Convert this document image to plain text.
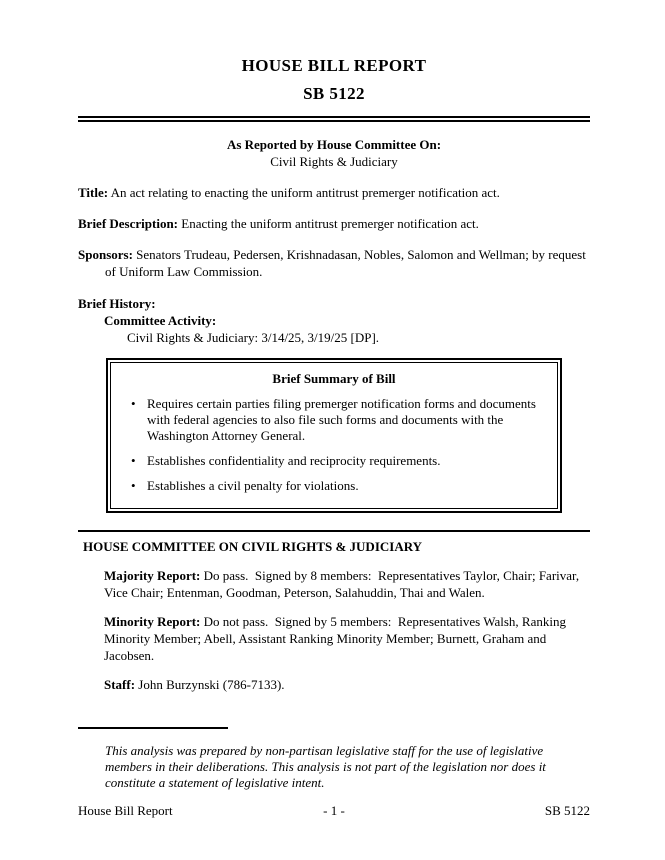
HOUSE BILL REPORT
SB 5122
As Reported by House Committee On:
Civil Rights & Judiciary

Title: An act relating to enacting the uniform antitrust premerger notification act.

Brief Description: Enacting the uniform antitrust premerger notification act.

Sponsors: Senators Trudeau, Pedersen, Krishnadasan, Nobles, Salomon and Wellman; by request of Uniform Law Commission.

Brief History:
Committee Activity:
Civil Rights & Judiciary: 3/14/25, 3/19/25 [DP].
Brief Summary of Bill
• Requires certain parties filing premerger notification forms and documents with federal agencies to also file such forms and documents with the Washington Attorney General.
• Establishes confidentiality and reciprocity requirements.
• Establishes a civil penalty for violations.
HOUSE COMMITTEE ON CIVIL RIGHTS & JUDICIARY

Majority Report: Do pass.  Signed by 8 members:  Representatives Taylor, Chair; Farivar, Vice Chair; Entenman, Goodman, Peterson, Salahuddin, Thai and Walen.

Minority Report: Do not pass.  Signed by 5 members:  Representatives Walsh, Ranking Minority Member; Abell, Assistant Ranking Minority Member; Burnett, Graham and Jacobsen.

Staff: John Burzynski (786-7133).

This analysis was prepared by non-partisan legislative staff for the use of legislative members in their deliberations. This analysis is not part of the legislation nor does it constitute a statement of legislative intent.
House Bill Report	- 1 -	SB 5122
